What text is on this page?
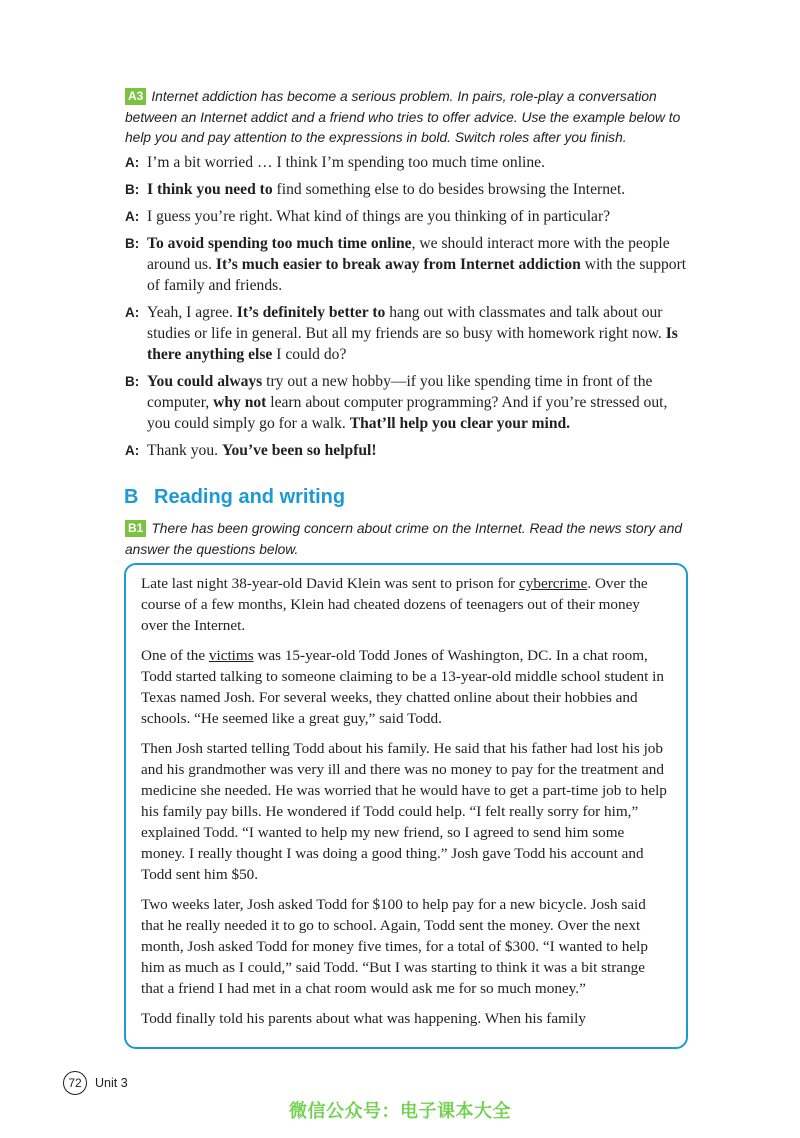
A3 Internet addiction has become a serious problem. In pairs, role-play a conversation between an Internet addict and a friend who tries to offer advice. Use the example below to help you and pay attention to the expressions in bold. Switch roles after you finish.
A: I’m a bit worried … I think I’m spending too much time online.
B: I think you need to find something else to do besides browsing the Internet.
A: I guess you’re right. What kind of things are you thinking of in particular?
B: To avoid spending too much time online, we should interact more with the people around us. It’s much easier to break away from Internet addiction with the support of family and friends.
A: Yeah, I agree. It’s definitely better to hang out with classmates and talk about our studies or life in general. But all my friends are so busy with homework right now. Is there anything else I could do?
B: You could always try out a new hobby—if you like spending time in front of the computer, why not learn about computer programming? And if you’re stressed out, you could simply go for a walk. That’ll help you clear your mind.
A: Thank you. You’ve been so helpful!
B Reading and writing
B1 There has been growing concern about crime on the Internet. Read the news story and answer the questions below.

Late last night 38-year-old David Klein was sent to prison for cybercrime. Over the course of a few months, Klein had cheated dozens of teenagers out of their money over the Internet.

One of the victims was 15-year-old Todd Jones of Washington, DC. In a chat room, Todd started talking to someone claiming to be a 13-year-old middle school student in Texas named Josh. For several weeks, they chatted online about their hobbies and schools. “He seemed like a great guy,” said Todd.

Then Josh started telling Todd about his family. He said that his father had lost his job and his grandmother was very ill and there was no money to pay for the treatment and medicine she needed. He was worried that he would have to get a part-time job to help his family pay bills. He wondered if Todd could help. “I felt really sorry for him,” explained Todd. “I wanted to help my new friend, so I agreed to send him some money. I really thought I was doing a good thing.” Josh gave Todd his account and Todd sent him $50.

Two weeks later, Josh asked Todd for $100 to help pay for a new bicycle. Josh said that he really needed it to go to school. Again, Todd sent the money. Over the next month, Josh asked Todd for money five times, for a total of $300. “I wanted to help him as much as I could,” said Todd. “But I was starting to think it was a bit strange that a friend I had met in a chat room would ask me for so much money.”

Todd finally told his parents about what was happening. When his family

72	Unit 3
微信公众号：电子课本大全
